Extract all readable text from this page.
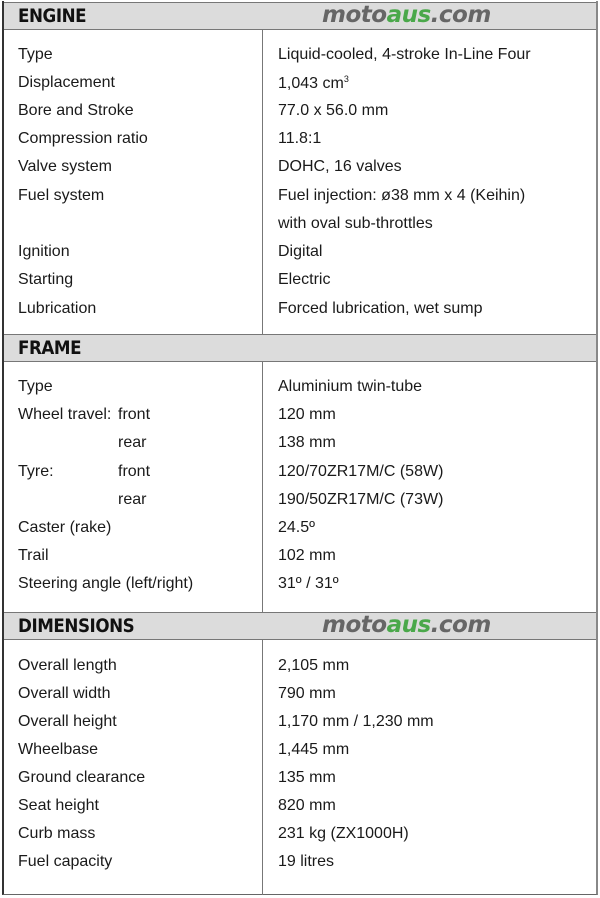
ENGINE	motoaus.com
Type	Liquid-cooled, 4-stroke In-Line Four
Displacement	1,043 $cm^3$
Bore and Stroke	77.0 x 56.0 mm
Compression ratio	11.8:1
Valve system	DOHC, 16 valves
Fuel system	Fuel injection: ø38 mm x 4 (Keihin)
with oval sub-throttles
Ignition	Digital
Starting	Electric
Lubrication	Forced lubrication, wet sump
FRAME
Type	Aluminium twin-tube
Wheel travel: front	120 mm
rear	138 mm
Tyre:	front	120/70ZR17M/C (58W)
rear	190/50ZR17M/C (73W)
Caster (rake)	24.5º
Trail	102 mm
Steering angle (left/right)	31º / 31º
DIMENSIONS	motoaus.com
Overall length	2,105 mm
Overall width	790 mm
Overall height	1,170 mm / 1,230 mm
Wheelbase	1,445 mm
Ground clearance	135 mm
Seat height	820 mm
Curb mass	231 kg (ZX1000H)
Fuel capacity	19 litres
